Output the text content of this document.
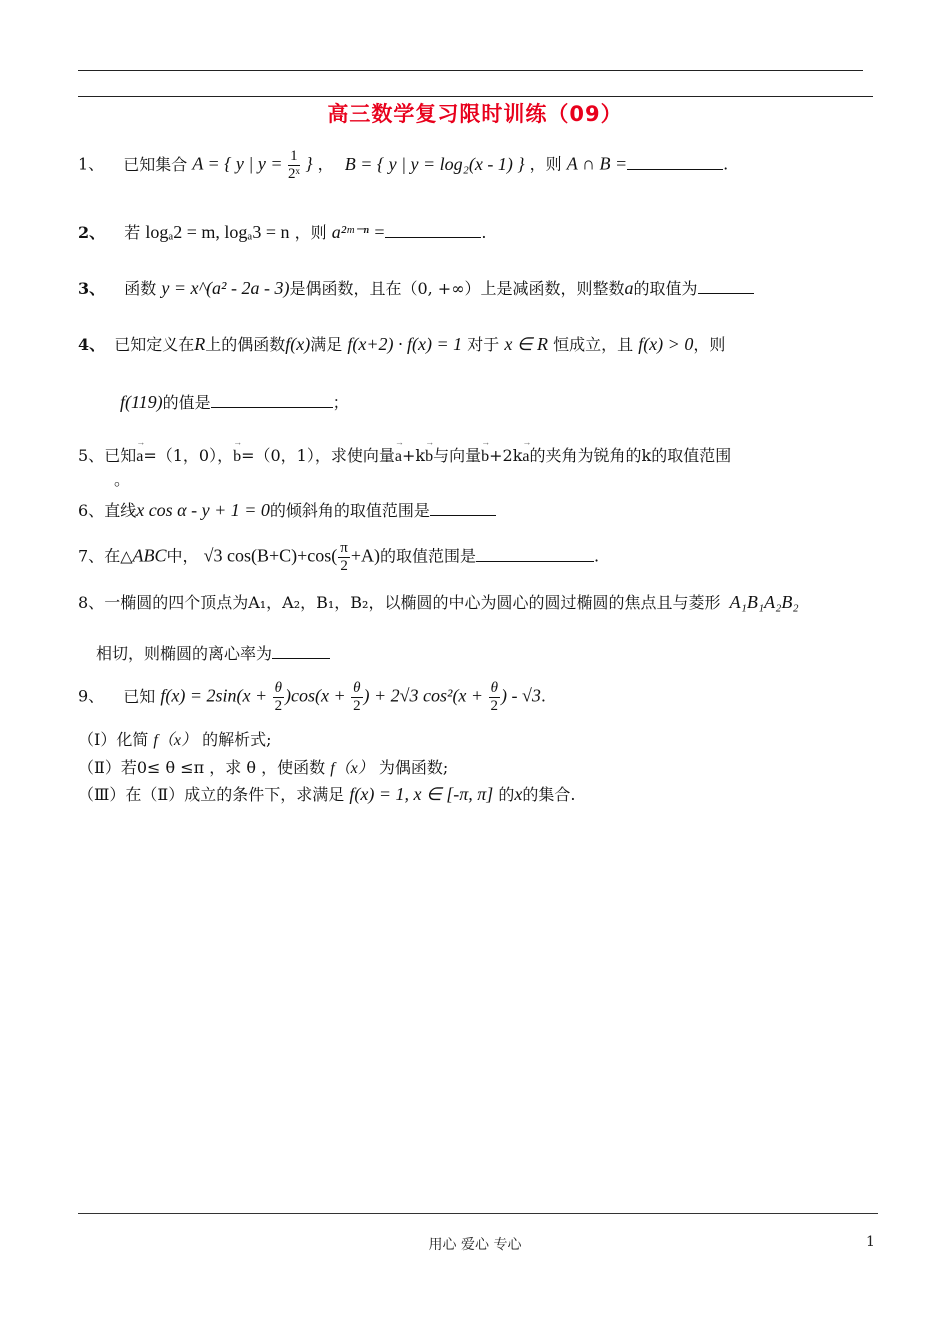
高三数学复习限时训练（09）
1、 已知集合 A = { y | $y = \frac{1}{\text{2ˣ}}$ } ， B = { y | y = log₂(x - 1) } ，则 A ∩ B =	.
2、 若 logₐ2 = m, logₐ3 = n ，则 a²ᵐ⁻ⁿ =	.
3、 函数 y = x^(a² - 2a - 3)是偶函数，且在（0, +∞）上是减函数，则整数a的取值为
4、 已知定义在R上的偶函数f(x)满足 f(x+2) · f(x) = 1 对于 x ∈ R 恒成立，且 f(x) > 0，则
f(119)的值是	；
5、已知→ a=（1，0），→ b=（0，1），求使向量→ a+k→ b与向量→ b+2k→ a的夹角为锐角的k的取值范围
。
6、直线x cos α - y + 1 = 0的倾斜角的取值范围是
7、在△ABC中， √3 $\cos(B+C)+\cos( \frac{\pi}{2} +A)$的取值范围是	.
8、一椭圆的四个顶点为A₁，A₂，B₁，B₂，以椭圆的中心为圆心的圆过椭圆的焦点且与菱形 A₁B₁A₂B₂
相切，则椭圆的离心率为
9、 已知 $f(x) = 2\sin(x + \frac{\theta}{2} )\cos(x + \frac{\theta}{2}$ ) + 2√3 $\cos^2(x + \frac{\theta}{2}$ ) - √3.
（Ⅰ）化简 f（x） 的解析式;
（Ⅱ）若0≤ θ ≤π ，求 θ ，使函数 f（x） 为偶函数;
（Ⅲ）在（Ⅱ）成立的条件下，求满足 f(x) = 1, x ∈ [-π, π] 的x的集合.
用心 爱心 专心	1
